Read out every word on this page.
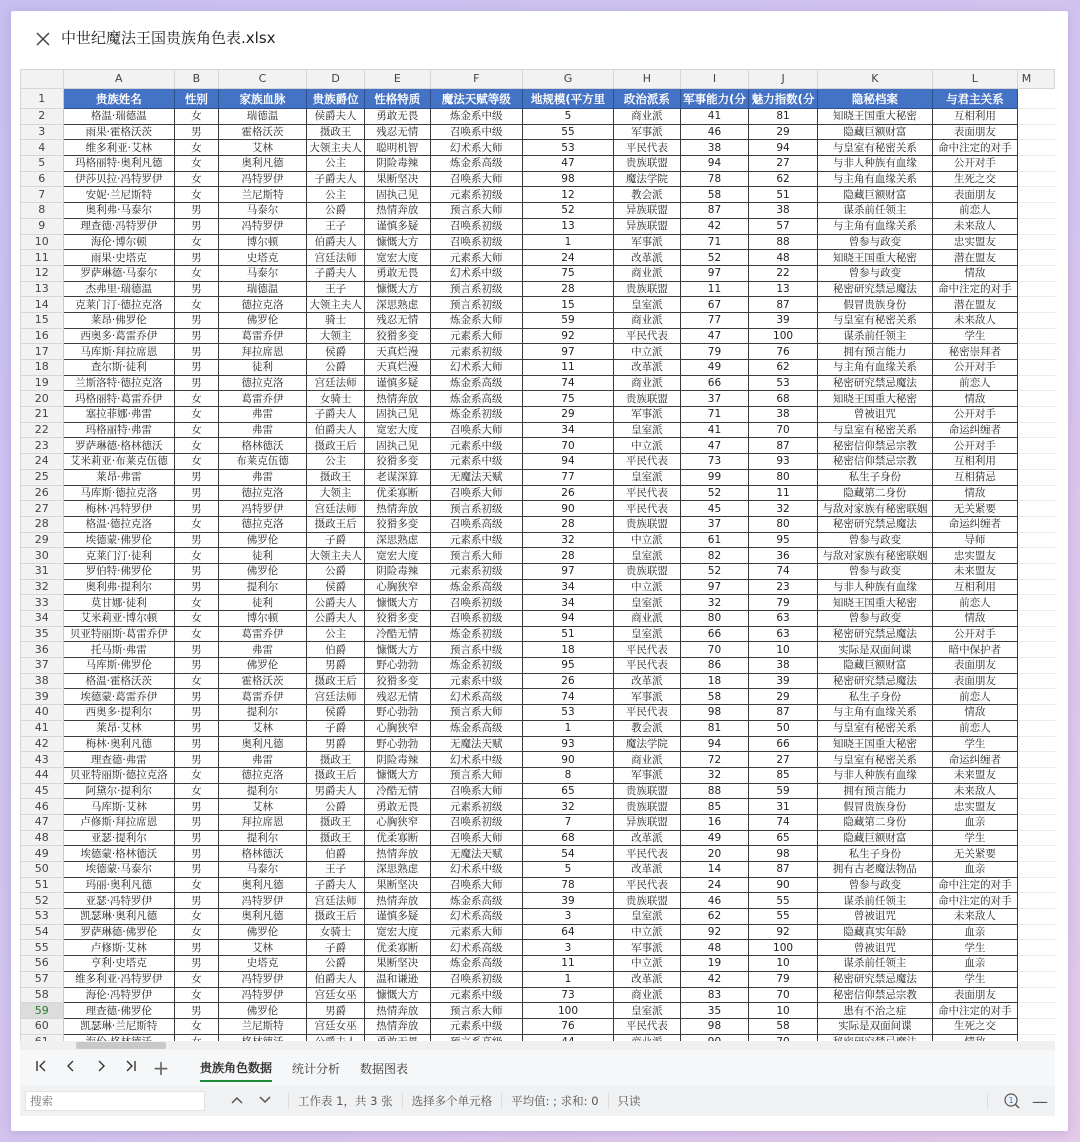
中世纪魔法王国贵族角色表.xlsx
	A	B	C	D	E	F	G	H	I	J	K	L	M
1	贵族姓名	性别	家族血脉	贵族爵位	性格特质	魔法天赋等级	地规模(平方里	政治派系	军事能力(分	魅力指数(分	隐秘档案	与君主关系	
2	格温·瑞德温	女	瑞德温	侯爵夫人	勇敢无畏	炼金系中级	5	商业派	41	81	知晓王国重大秘密	互相利用	
3	雨果·霍格沃茨	男	霍格沃茨	摄政王	残忍无情	召唤系中级	55	军事派	46	29	隐藏巨额财富	表面朋友	
4	维多利亚·艾林	女	艾林	大领主夫人	聪明机智	幻术系大师	53	平民代表	38	94	与皇室有秘密关系	命中注定的对手	
5	玛格丽特·奥利凡德	女	奥利凡德	公主	阴险毒辣	炼金系高级	47	贵族联盟	94	27	与非人种族有血缘	公开对手	
6	伊莎贝拉·冯特罗伊	女	冯特罗伊	子爵夫人	果断坚决	召唤系大师	98	魔法学院	78	62	与主角有血缘关系	生死之交	
7	安妮·兰尼斯特	女	兰尼斯特	公主	固执己见	元素系初级	12	教会派	58	51	隐藏巨额财富	表面朋友	
8	奥利弗·马泰尔	男	马泰尔	公爵	热情奔放	预言系大师	52	异族联盟	87	38	谋杀前任领主	前恋人	
9	理查德·冯特罗伊	男	冯特罗伊	王子	谨慎多疑	召唤系初级	13	异族联盟	42	57	与主角有血缘关系	未来敌人	
10	海伦·博尔顿	女	博尔顿	伯爵夫人	慷慨大方	召唤系初级	1	军事派	71	88	曾参与政变	忠实盟友	
11	雨果·史塔克	男	史塔克	宫廷法师	宽宏大度	元素系大师	24	改革派	52	48	知晓王国重大秘密	潜在盟友	
12	罗萨琳德·马泰尔	女	马泰尔	子爵夫人	勇敢无畏	幻术系中级	75	商业派	97	22	曾参与政变	情敌	
13	杰弗里·瑞德温	男	瑞德温	王子	慷慨大方	预言系初级	28	贵族联盟	11	13	秘密研究禁忌魔法	命中注定的对手	
14	克莱门汀·德拉克洛	女	德拉克洛	大领主夫人	深思熟虑	预言系初级	15	皇室派	67	87	假冒贵族身份	潜在盟友	
15	莱昂·佛罗伦	男	佛罗伦	骑士	残忍无情	炼金系大师	59	商业派	77	39	与皇室有秘密关系	未来敌人	
16	西奥多·葛雷乔伊	男	葛雷乔伊	大领主	狡猾多变	元素系大师	92	平民代表	47	100	谋杀前任领主	学生	
17	马库斯·拜拉席恩	男	拜拉席恩	侯爵	天真烂漫	元素系初级	97	中立派	79	76	拥有预言能力	秘密崇拜者	
18	查尔斯·徒利	男	徒利	公爵	天真烂漫	幻术系大师	11	改革派	49	62	与主角有血缘关系	公开对手	
19	兰斯洛特·德拉克洛	男	德拉克洛	宫廷法师	谨慎多疑	炼金系高级	74	商业派	66	53	秘密研究禁忌魔法	前恋人	
20	玛格丽特·葛雷乔伊	女	葛雷乔伊	女骑士	热情奔放	炼金系高级	75	贵族联盟	37	68	知晓王国重大秘密	情敌	
21	塞拉菲娜·弗雷	女	弗雷	子爵夫人	固执己见	炼金系初级	29	军事派	71	38	曾被诅咒	公开对手	
22	玛格丽特·弗雷	女	弗雷	伯爵夫人	宽宏大度	召唤系大师	34	皇室派	41	70	与皇室有秘密关系	命运纠缠者	
23	罗萨琳德·格林德沃	女	格林德沃	摄政王后	固执己见	元素系中级	70	中立派	47	87	秘密信仰禁忌宗教	公开对手	
24	艾米莉亚·布莱克伍德	女	布莱克伍德	公主	狡猾多变	元素系中级	94	平民代表	73	93	秘密信仰禁忌宗教	互相利用	
25	莱昂·弗雷	男	弗雷	摄政王	老谋深算	无魔法天赋	77	皇室派	99	80	私生子身份	互相猜忌	
26	马库斯·德拉克洛	男	德拉克洛	大领主	优柔寡断	召唤系大师	26	平民代表	52	11	隐藏第二身份	情敌	
27	梅林·冯特罗伊	男	冯特罗伊	宫廷法师	热情奔放	预言系初级	90	平民代表	45	32	与敌对家族有秘密联姻	无关紧要	
28	格温·德拉克洛	女	德拉克洛	摄政王后	狡猾多变	召唤系高级	28	贵族联盟	37	80	秘密研究禁忌魔法	命运纠缠者	
29	埃德蒙·佛罗伦	男	佛罗伦	子爵	深思熟虑	元素系中级	32	中立派	61	95	曾参与政变	导师	
30	克莱门汀·徒利	女	徒利	大领主夫人	宽宏大度	预言系大师	28	皇室派	82	36	与敌对家族有秘密联姻	忠实盟友	
31	罗伯特·佛罗伦	男	佛罗伦	公爵	阴险毒辣	元素系初级	97	贵族联盟	52	74	曾参与政变	未来盟友	
32	奥利弗·提利尔	男	提利尔	侯爵	心胸狭窄	炼金系高级	34	中立派	97	23	与非人种族有血缘	互相利用	
33	莫甘娜·徒利	女	徒利	公爵夫人	慷慨大方	召唤系初级	34	皇室派	32	79	知晓王国重大秘密	前恋人	
34	艾米莉亚·博尔顿	女	博尔顿	公爵夫人	狡猾多变	召唤系初级	94	商业派	80	63	曾参与政变	情敌	
35	贝亚特丽斯·葛雷乔伊	女	葛雷乔伊	公主	冷酷无情	炼金系初级	51	皇室派	66	63	秘密研究禁忌魔法	公开对手	
36	托马斯·弗雷	男	弗雷	伯爵	慷慨大方	预言系中级	18	平民代表	70	10	实际是双面间谍	暗中保护者	
37	马库斯·佛罗伦	男	佛罗伦	男爵	野心勃勃	炼金系初级	95	平民代表	86	38	隐藏巨额财富	表面朋友	
38	格温·霍格沃茨	女	霍格沃茨	摄政王后	狡猾多变	元素系中级	26	改革派	18	39	秘密研究禁忌魔法	表面朋友	
39	埃德蒙·葛雷乔伊	男	葛雷乔伊	宫廷法师	残忍无情	幻术系高级	74	军事派	58	29	私生子身份	前恋人	
40	西奥多·提利尔	男	提利尔	侯爵	野心勃勃	预言系大师	53	平民代表	98	87	与主角有血缘关系	情敌	
41	莱昂·艾林	男	艾林	子爵	心胸狭窄	炼金系高级	1	教会派	81	50	与皇室有秘密关系	前恋人	
42	梅林·奥利凡德	男	奥利凡德	男爵	野心勃勃	无魔法天赋	93	魔法学院	94	66	知晓王国重大秘密	学生	
43	理查德·弗雷	男	弗雷	摄政王	阴险毒辣	幻术系中级	90	商业派	72	27	与皇室有秘密关系	命运纠缠者	
44	贝亚特丽斯·德拉克洛	女	德拉克洛	摄政王后	慷慨大方	预言系大师	8	军事派	32	85	与非人种族有血缘	未来盟友	
45	阿黛尔·提利尔	女	提利尔	男爵夫人	冷酷无情	召唤系大师	65	贵族联盟	88	59	拥有预言能力	未来敌人	
46	马库斯·艾林	男	艾林	公爵	勇敢无畏	元素系初级	32	贵族联盟	85	31	假冒贵族身份	忠实盟友	
47	卢修斯·拜拉席恩	男	拜拉席恩	摄政王	心胸狭窄	召唤系初级	7	异族联盟	16	74	隐藏第二身份	血亲	
48	亚瑟·提利尔	男	提利尔	摄政王	优柔寡断	召唤系大师	68	改革派	49	65	隐藏巨额财富	学生	
49	埃德蒙·格林德沃	男	格林德沃	伯爵	热情奔放	无魔法天赋	54	平民代表	20	98	私生子身份	无关紧要	
50	埃德蒙·马泰尔	男	马泰尔	王子	深思熟虑	幻术系中级	5	改革派	14	87	拥有古老魔法物品	血亲	
51	玛丽·奥利凡德	女	奥利凡德	子爵夫人	果断坚决	召唤系大师	78	平民代表	24	90	曾参与政变	命中注定的对手	
52	亚瑟·冯特罗伊	男	冯特罗伊	宫廷法师	热情奔放	炼金系高级	39	贵族联盟	46	55	谋杀前任领主	命中注定的对手	
53	凯瑟琳·奥利凡德	女	奥利凡德	摄政王后	谨慎多疑	幻术系高级	3	皇室派	62	55	曾被诅咒	未来敌人	
54	罗萨琳德·佛罗伦	女	佛罗伦	女骑士	宽宏大度	元素系大师	64	中立派	92	92	隐藏真实年龄	血亲	
55	卢修斯·艾林	男	艾林	子爵	优柔寡断	幻术系高级	3	军事派	48	100	曾被诅咒	学生	
56	亨利·史塔克	男	史塔克	公爵	果断坚决	炼金系高级	11	中立派	19	10	谋杀前任领主	血亲	
57	维多利亚·冯特罗伊	女	冯特罗伊	伯爵夫人	温和谦逊	召唤系初级	1	改革派	42	79	秘密研究禁忌魔法	学生	
58	海伦·冯特罗伊	女	冯特罗伊	宫廷女巫	慷慨大方	元素系中级	73	商业派	83	70	秘密信仰禁忌宗教	表面朋友	
59	理查德·佛罗伦	男	佛罗伦	男爵	热情奔放	预言系大师	100	皇室派	35	10	患有不治之症	命中注定的对手	
60	凯瑟琳·兰尼斯特	女	兰尼斯特	宫廷女巫	热情奔放	元素系中级	76	平民代表	98	58	实际是双面间谍	生死之交	

+	贵族角色数据 统计分析 数据图表
搜索
工作表 1，共 3 张 选择多个单元格 平均值: ; 求和: 0 只读	1 —
